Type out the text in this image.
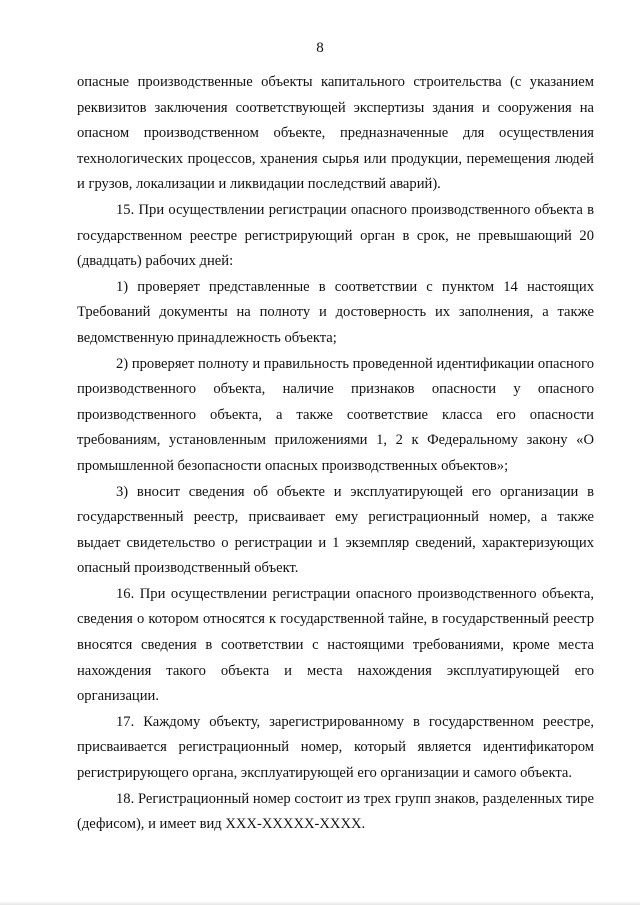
8

опасные производственные объекты капитального строительства (с указанием реквизитов заключения соответствующей экспертизы здания и сооружения на опасном производственном объекте, предназначенные для осуществления технологических процессов, хранения сырья или продукции, перемещения людей и грузов, локализации и ликвидации последствий аварий).

15. При осуществлении регистрации опасного производственного объекта в государственном реестре регистрирующий орган в срок, не превышающий 20 (двадцать) рабочих дней:

1) проверяет представленные в соответствии с пунктом 14 настоящих Требований документы на полноту и достоверность их заполнения, а также ведомственную принадлежность объекта;

2) проверяет полноту и правильность проведенной идентификации опасного производственного объекта, наличие признаков опасности у опасного производственного объекта, а также соответствие класса его опасности требованиям, установленным приложениями 1, 2 к Федеральному закону «О промышленной безопасности опасных производственных объектов»;

3) вносит сведения об объекте и эксплуатирующей его организации в государственный реестр, присваивает ему регистрационный номер, а также выдает свидетельство о регистрации и 1 экземпляр сведений, характеризующих опасный производственный объект.

16. При осуществлении регистрации опасного производственного объекта, сведения о котором относятся к государственной тайне, в государственный реестр вносятся сведения в соответствии с настоящими требованиями, кроме места нахождения такого объекта и места нахождения эксплуатирующей его организации.

17. Каждому объекту, зарегистрированному в государственном реестре, присваивается регистрационный номер, который является идентификатором регистрирующего органа, эксплуатирующей его организации и самого объекта.

18. Регистрационный номер состоит из трех групп знаков, разделенных тире (дефисом), и имеет вид ХХХ-ХХХХХ-ХХХХ.
